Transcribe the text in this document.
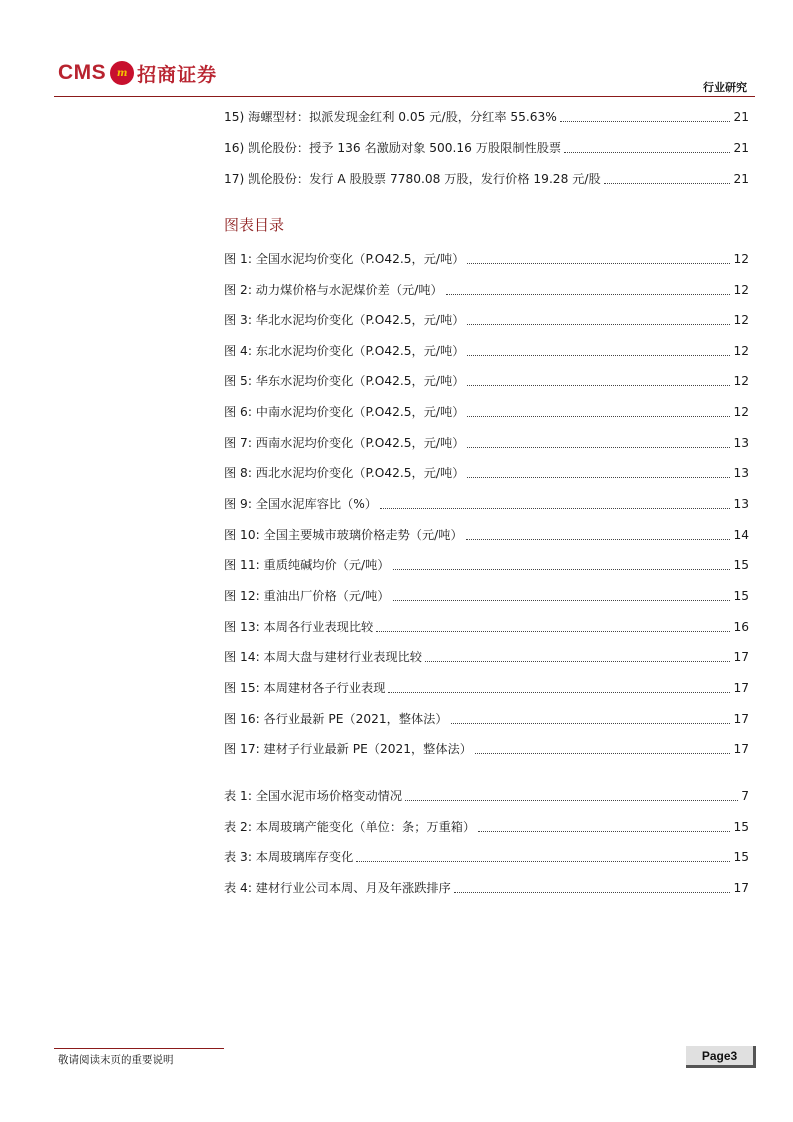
CMS m 招商证券
行业研究
15) 海螺型材：拟派发现金红利 0.05 元/股，分红率 55.63%	21
16) 凯伦股份：授予 136 名激励对象 500.16 万股限制性股票	21
17) 凯伦股份：发行 A 股股票 7780.08 万股，发行价格 19.28 元/股	21
图表目录
图 1: 全国水泥均价变化（P.O42.5，元/吨）	12
图 2: 动力煤价格与水泥煤价差（元/吨）	12
图 3: 华北水泥均价变化（P.O42.5，元/吨）	12
图 4: 东北水泥均价变化（P.O42.5，元/吨）	12
图 5: 华东水泥均价变化（P.O42.5，元/吨）	12
图 6: 中南水泥均价变化（P.O42.5，元/吨）	12
图 7: 西南水泥均价变化（P.O42.5，元/吨）	13
图 8: 西北水泥均价变化（P.O42.5，元/吨）	13
图 9: 全国水泥库容比（%）	13
图 10: 全国主要城市玻璃价格走势（元/吨）	14
图 11: 重质纯碱均价（元/吨）	15
图 12: 重油出厂价格（元/吨）	15
图 13: 本周各行业表现比较	16
图 14: 本周大盘与建材行业表现比较	17
图 15: 本周建材各子行业表现	17
图 16: 各行业最新 PE（2021，整体法）	17
图 17: 建材子行业最新 PE（2021，整体法）	17
表 1: 全国水泥市场价格变动情况	7
表 2: 本周玻璃产能变化（单位：条；万重箱）	15
表 3: 本周玻璃库存变化	15
表 4: 建材行业公司本周、月及年涨跌排序	17
敬请阅读末页的重要说明	Page3
